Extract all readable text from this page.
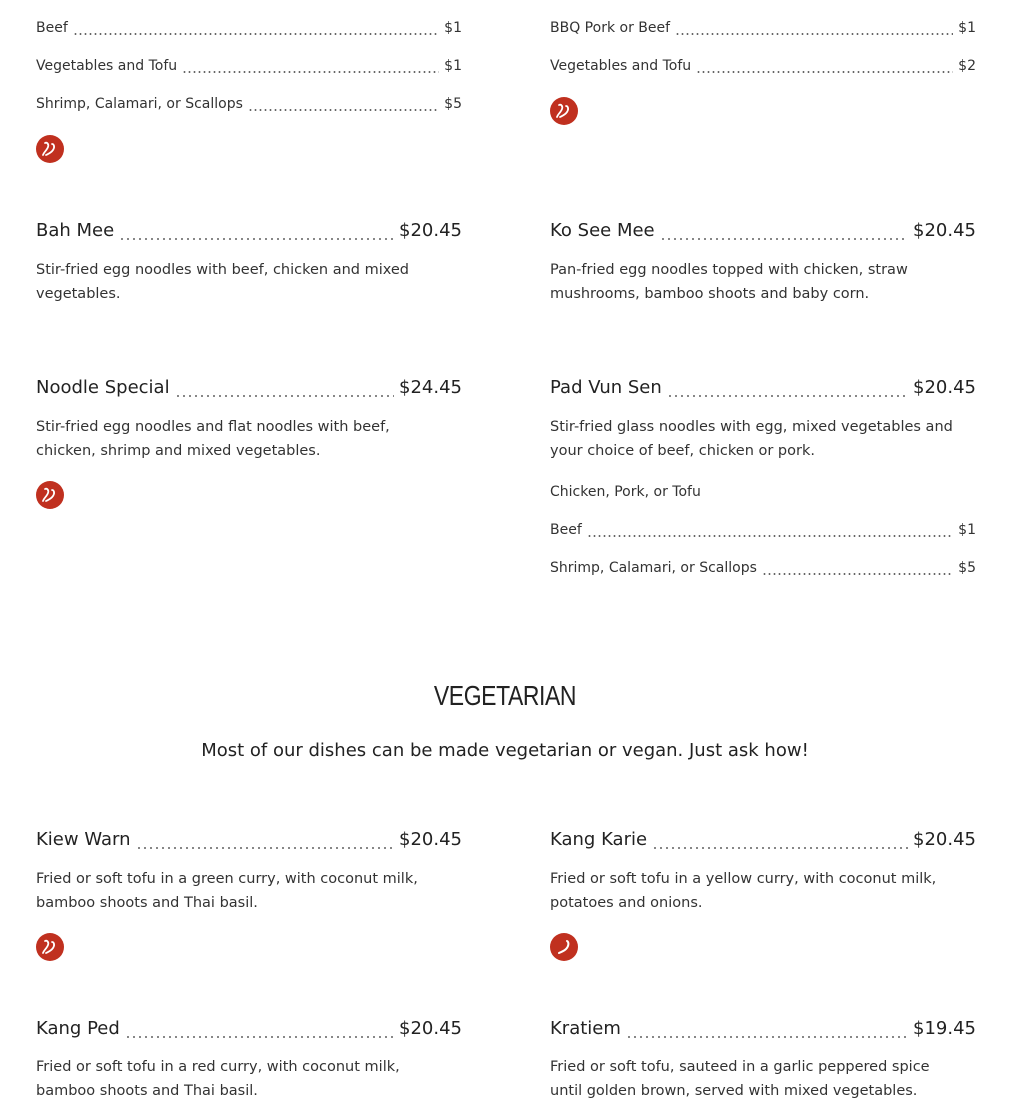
Beef	$1
Vegetables and Tofu	$1
Shrimp, Calamari, or Scallops	$5
Bah Mee	$20.45
Stir-fried egg noodles with beef, chicken and mixed vegetables.
Noodle Special	$24.45
Stir-fried egg noodles and flat noodles with beef, chicken, shrimp and mixed vegetables.
Kiew Warn	$20.45
Fried or soft tofu in a green curry, with coconut milk, bamboo shoots and Thai basil.
Kang Ped	$20.45
Fried or soft tofu in a red curry, with coconut milk, bamboo shoots and Thai basil.
BBQ Pork or Beef	$1
Vegetables and Tofu	$2
Ko See Mee	$20.45
Pan-fried egg noodles topped with chicken, straw mushrooms, bamboo shoots and baby corn.
Pad Vun Sen	$20.45
Stir-fried glass noodles with egg, mixed vegetables and your choice of beef, chicken or pork.
Chicken, Pork, or Tofu
Beef	$1
Shrimp, Calamari, or Scallops	$5
Kang Karie	$20.45
Fried or soft tofu in a yellow curry, with coconut milk, potatoes and onions.
Kratiem	$19.45
Fried or soft tofu, sauteed in a garlic peppered spice until golden brown, served with mixed vegetables.
VEGETARIAN
Most of our dishes can be made vegetarian or vegan. Just ask how!
